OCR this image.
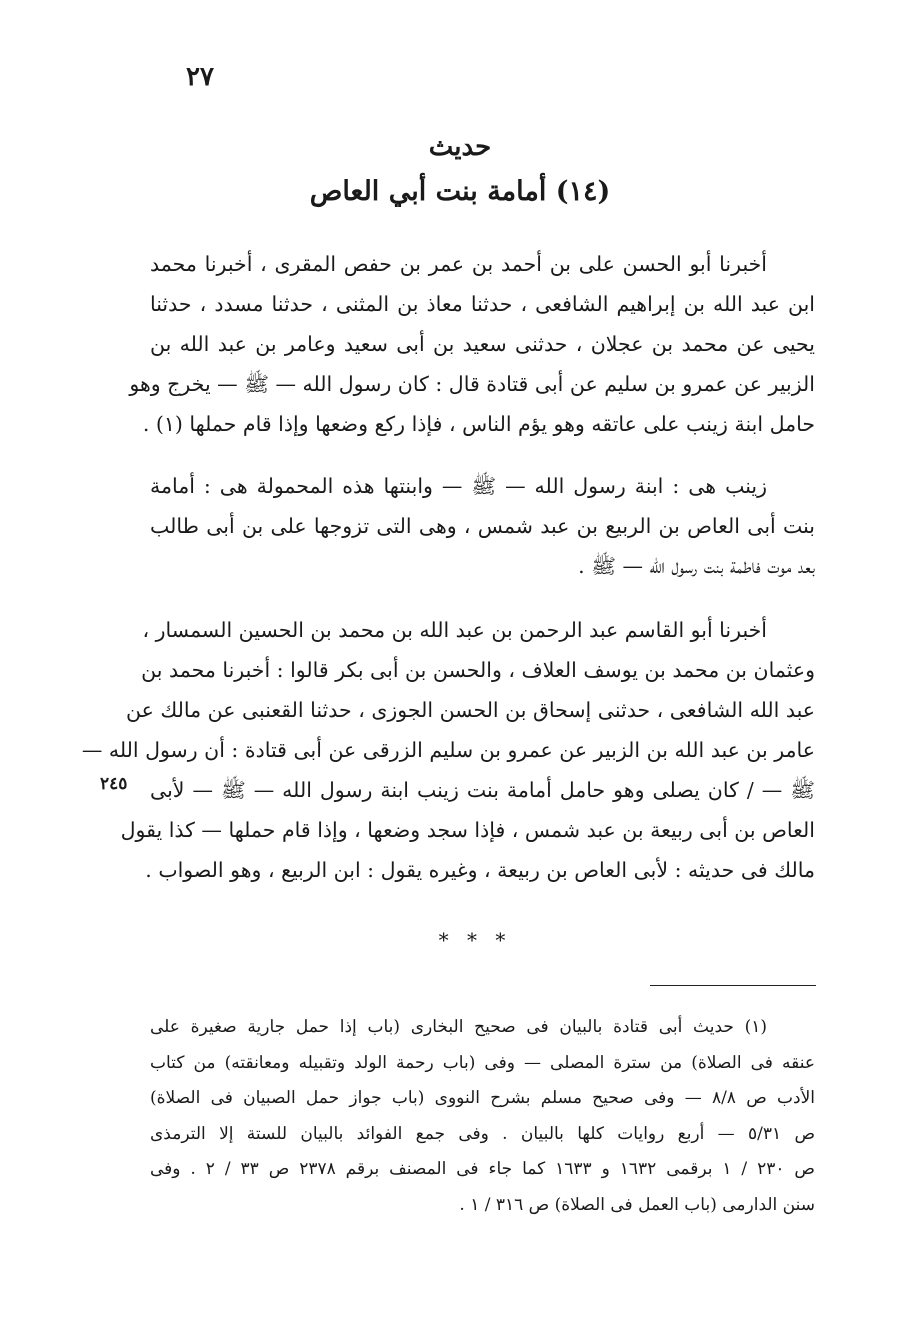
٢٧
حديث
(١٤) أمامة بنت أبي العاص
أخبرنا أبو الحسن على بن أحمد بن عمر بن حفص المقرى ، أخبرنا محمد
ابن عبد الله بن إبراهيم الشافعى ، حدثنا معاذ بن المثنى ، حدثنا مسدد ، حدثنا
يحيى عن محمد بن عجلان ، حدثنى سعيد بن أبى سعيد وعامر بن عبد الله بن
الزبير عن عمرو بن سليم عن أبى قتادة قال : كان رسول الله — ﷺ — يخرج وهو
حامل ابنة زينب على عاتقه وهو يؤم الناس ، فإذا ركع وضعها وإذا قام حملها (١) .
زينب هى : ابنة رسول الله — ﷺ — وابنتها هذه المحمولة هى : أمامة
بنت أبى العاص بن الربيع بن عبد شمس ، وهى التى تزوجها على بن أبى طالب
بعد موت فاطمة بنت رسول الله — ﷺ .
أخبرنا أبو القاسم عبد الرحمن بن عبد الله بن محمد بن الحسين السمسار ،
وعثمان بن محمد بن يوسف العلاف ، والحسن بن أبى بكر قالوا : أخبرنا محمد بن
عبد الله الشافعى ، حدثنى إسحاق بن الحسن الجوزى ، حدثنا القعنبى عن مالك عن
عامر بن عبد الله بن الزبير عن عمرو بن سليم الزرقى عن أبى قتادة : أن رسول الله —
ﷺ — / كان يصلى وهو حامل أمامة بنت زينب ابنة رسول الله — ﷺ — لأبى
العاص بن أبى ربيعة بن عبد شمس ، فإذا سجد وضعها ، وإذا قام حملها — كذا يقول
مالك فى حديثه : لأبى العاص بن ربيعة ، وغيره يقول : ابن الربيع ، وهو الصواب .
٢٤٥
* * *
(١) حديث أبى قتادة بالبيان فى صحيح البخارى (باب إذا حمل جارية صغيرة على
عنقه فى الصلاة) من سترة المصلى — وفى (باب رحمة الولد وتقبيله ومعانقته) من كتاب
الأدب ص ٨/٨ — وفى صحيح مسلم بشرح النووى (باب جواز حمل الصبيان فى الصلاة)
ص ٥/٣١ — أربع روايات كلها بالبيان . وفى جمع الفوائد بالبيان للستة إلا الترمذى
ص ٢٣٠ / ١ برقمى ١٦٣٢ و ١٦٣٣ كما جاء فى المصنف برقم ٢٣٧٨ ص ٣٣ / ٢ . وفى
سنن الدارمى (باب العمل فى الصلاة) ص ٣١٦ / ١ .
